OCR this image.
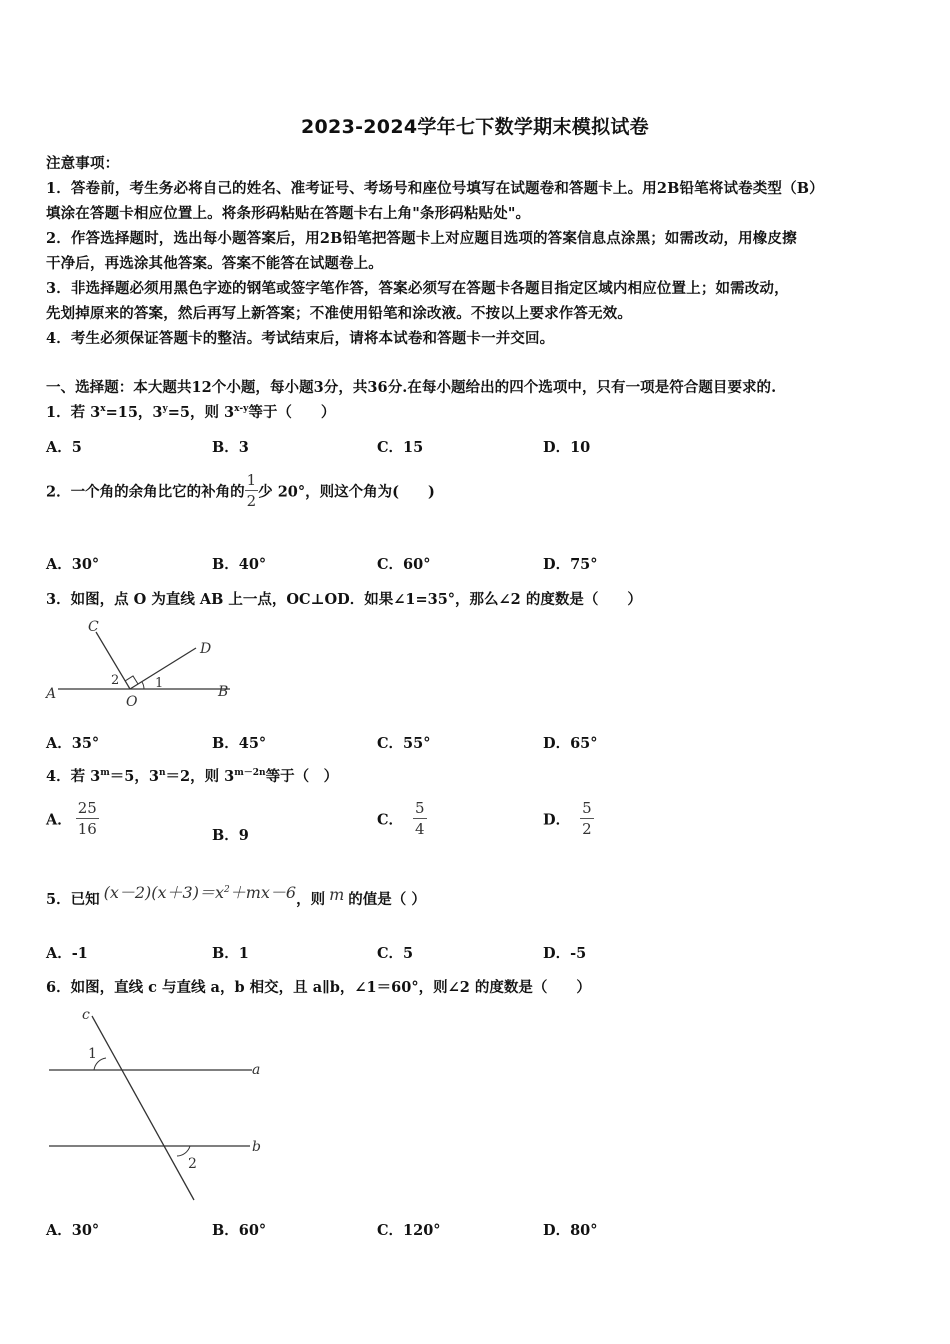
2023-2024学年七下数学期末模拟试卷
注意事项：
1．答卷前，考生务必将自己的姓名、准考证号、考场号和座位号填写在试题卷和答题卡上。用2B铅笔将试卷类型（B）
填涂在答题卡相应位置上。将条形码粘贴在答题卡右上角"条形码粘贴处"。
2．作答选择题时，选出每小题答案后，用2B铅笔把答题卡上对应题目选项的答案信息点涂黑；如需改动，用橡皮擦
干净后，再选涂其他答案。答案不能答在试题卷上。
3．非选择题必须用黑色字迹的钢笔或签字笔作答，答案必须写在答题卡各题目指定区域内相应位置上；如需改动，
先划掉原来的答案，然后再写上新答案；不准使用铅笔和涂改液。不按以上要求作答无效。
4．考生必须保证答题卡的整洁。考试结束后，请将本试卷和答题卡一并交回。
一、选择题：本大题共12个小题，每小题3分，共36分.在每小题给出的四个选项中，只有一项是符合题目要求的.
1．若 $3^x=15$，$3^y=5$，则 3$^{x-y}$等于（　　）
A．5	B．3	C．15	D．10
2．一个角的余角比它的补角的 $\frac{1}{2}$ 少 20°，则这个角为(　　)
A．30°	B．40°	C．60°	D．75°
3．如图，点 O 为直线 AB 上一点，OC⊥OD．如果∠1=35°，那么∠2 的度数是（　　）
C
D
A	B
O
1
2
A．35°	B．45°	C．55°	D．65°
4．若 $3^m=5$，$3^n=2$，则 $3^{m-2n}$等于（　）
A． $\frac{25}{16}$	B．9
C． $\frac{5}{4}$	D． $\frac{5}{2}$
5．已知 $(x-2)(x+3)=x^2+mx-6$，则 m 的值是（ ）
A．-1	B．1	C．5	D．-5
6．如图，直线 c 与直线 a，b 相交，且 a∥b，∠1＝60°，则∠2 的度数是（　　）
c
a
b
1
2
A．30°	B．60°	C．120°	D．80°
